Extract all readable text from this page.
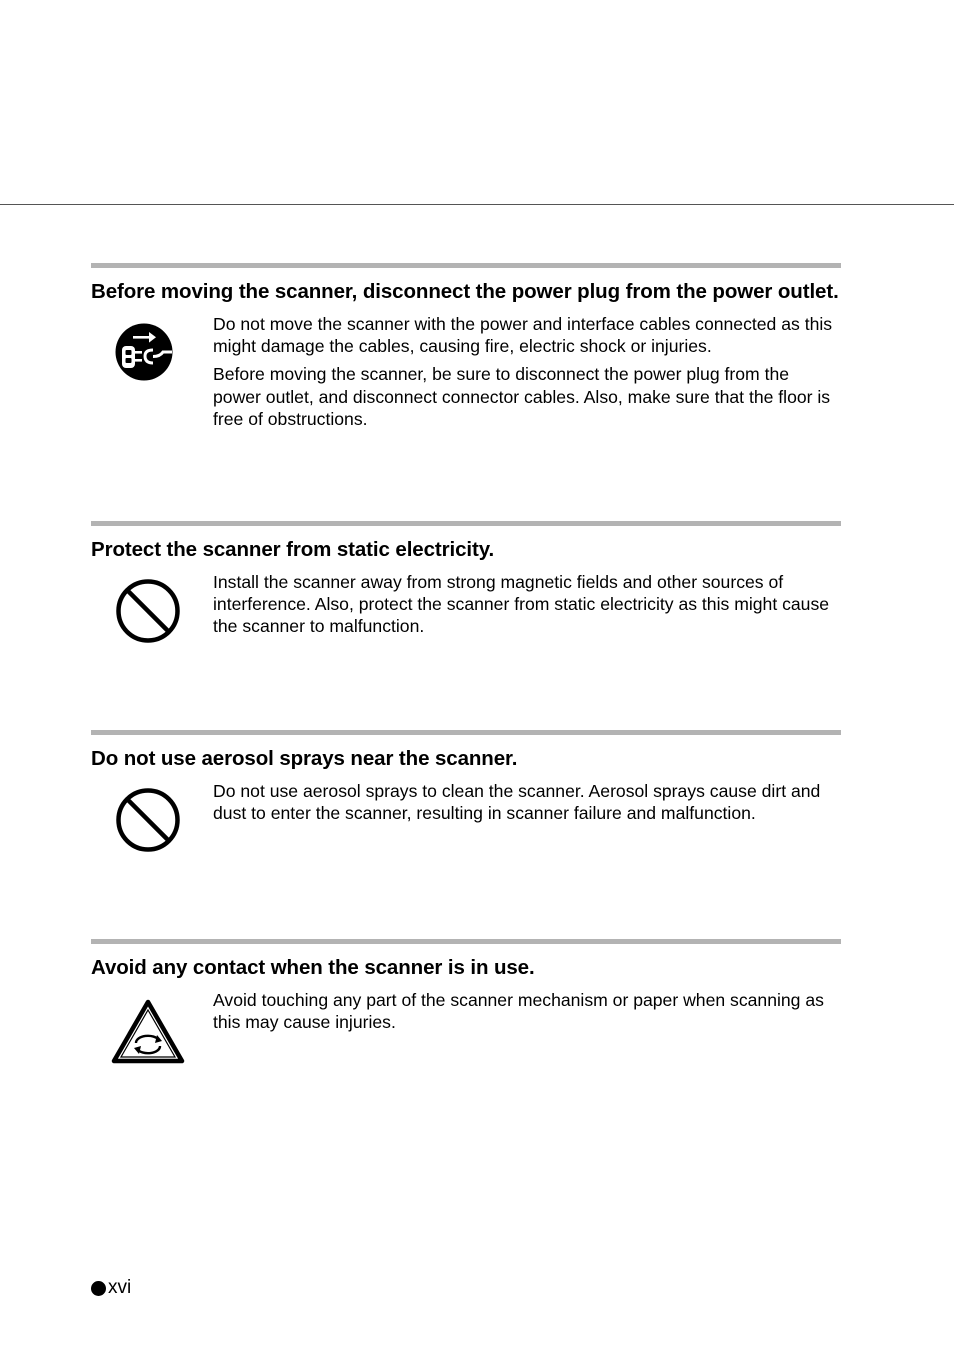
Before moving the scanner, disconnect the power plug from the power outlet.

Do not move the scanner with the power and interface cables connected as this might damage the cables, causing fire, electric shock or injuries.

Before moving the scanner, be sure to disconnect the power plug from the power outlet, and disconnect connector cables. Also, make sure that the floor is free of obstructions.

Protect the scanner from static electricity.

Install the scanner away from strong magnetic fields and other sources of interference. Also, protect the scanner from static electricity as this might cause the scanner to malfunction.

Do not use aerosol sprays near the scanner.

Do not use aerosol sprays to clean the scanner. Aerosol sprays cause dirt and dust to enter the scanner, resulting in scanner failure and malfunction.

Avoid any contact when the scanner is in use.

Avoid touching any part of the scanner mechanism or paper when scanning as this may cause injuries.

xvi
